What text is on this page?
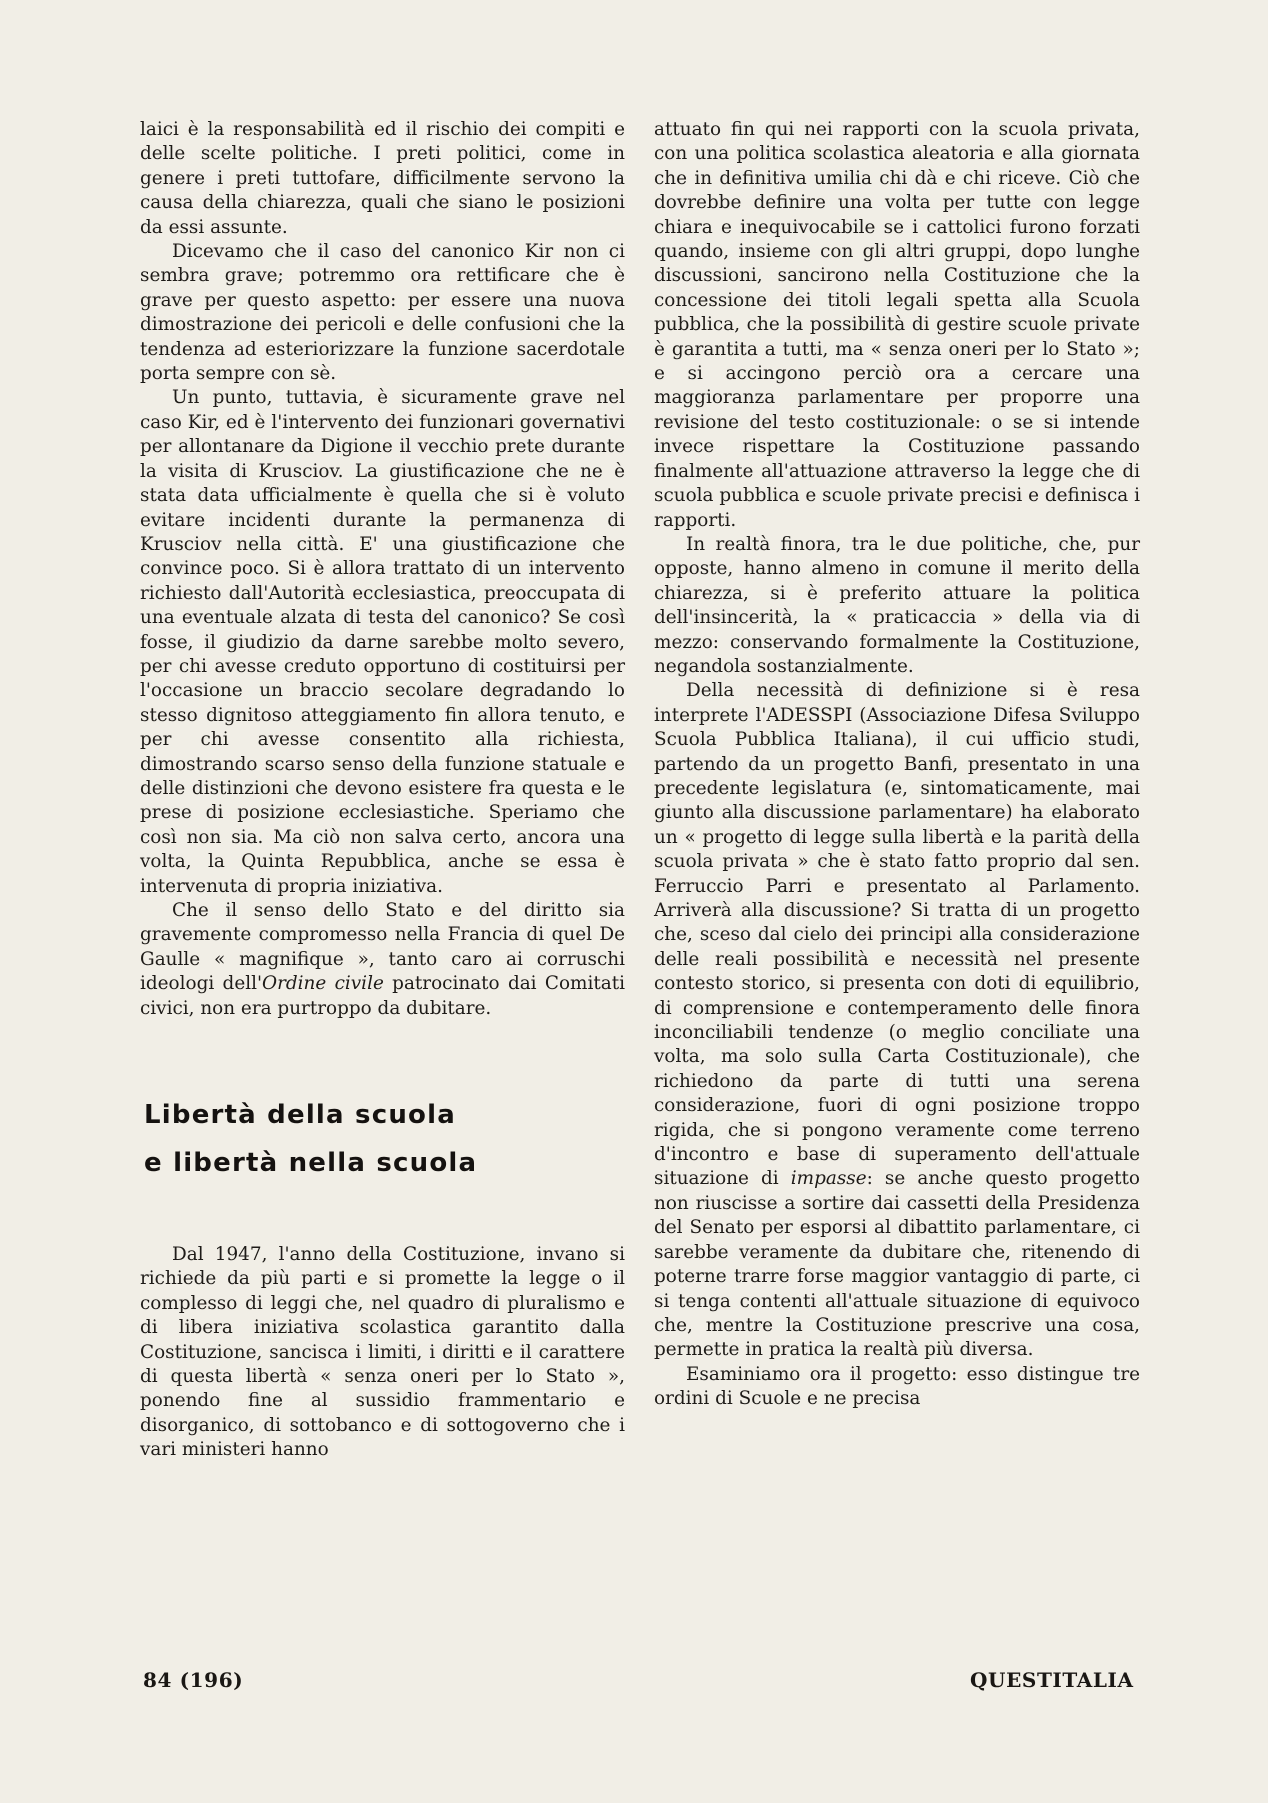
laici è la responsabilità ed il rischio dei compiti e delle scelte politiche. I preti politici, come in genere i preti tuttofare, difficilmente servono la causa della chiarezza, quali che siano le posizioni da essi assunte.

Dicevamo che il caso del canonico Kir non ci sembra grave; potremmo ora rettificare che è grave per questo aspetto: per essere una nuova dimostrazione dei pericoli e delle confusioni che la tendenza ad esteriorizzare la funzione sacerdotale porta sempre con sè.

Un punto, tuttavia, è sicuramente grave nel caso Kir, ed è l'intervento dei funzionari governativi per allontanare da Digione il vecchio prete durante la visita di Krusciov. La giustificazione che ne è stata data ufficialmente è quella che si è voluto evitare incidenti durante la permanenza di Krusciov nella città. E' una giustificazione che convince poco. Si è allora trattato di un intervento richiesto dall'Autorità ecclesiastica, preoccupata di una eventuale alzata di testa del canonico? Se così fosse, il giudizio da darne sarebbe molto severo, per chi avesse creduto opportuno di costituirsi per l'occasione un braccio secolare degradando lo stesso dignitoso atteggiamento fin allora tenuto, e per chi avesse consentito alla richiesta, dimostrando scarso senso della funzione statuale e delle distinzioni che devono esistere fra questa e le prese di posizione ecclesiastiche. Speriamo che così non sia. Ma ciò non salva certo, ancora una volta, la Quinta Repubblica, anche se essa è intervenuta di propria iniziativa.

Che il senso dello Stato e del diritto sia gravemente compromesso nella Francia di quel De Gaulle « magnifique », tanto caro ai corruschi ideologi dell'Ordine civile patrocinato dai Comitati civici, non era purtroppo da dubitare.

Libertà della scuola
e libertà nella scuola

Dal 1947, l'anno della Costituzione, invano si richiede da più parti e si promette la legge o il complesso di leggi che, nel quadro di pluralismo e di libera iniziativa scolastica garantito dalla Costituzione, sancisca i limiti, i diritti e il carattere di questa libertà « senza oneri per lo Stato », ponendo fine al sussidio frammentario e disorganico, di sottobanco e di sottogoverno che i vari ministeri hanno

attuato fin qui nei rapporti con la scuola privata, con una politica scolastica aleatoria e alla giornata che in definitiva umilia chi dà e chi riceve. Ciò che dovrebbe definire una volta per tutte con legge chiara e inequivocabile se i cattolici furono forzati quando, insieme con gli altri gruppi, dopo lunghe discussioni, sancirono nella Costituzione che la concessione dei titoli legali spetta alla Scuola pubblica, che la possibilità di gestire scuole private è garantita a tutti, ma « senza oneri per lo Stato »; e si accingono perciò ora a cercare una maggioranza parlamentare per proporre una revisione del testo costituzionale: o se si intende invece rispettare la Costituzione passando finalmente all'attuazione attraverso la legge che di scuola pubblica e scuole private precisi e definisca i rapporti.

In realtà finora, tra le due politiche, che, pur opposte, hanno almeno in comune il merito della chiarezza, si è preferito attuare la politica dell'insincerità, la « praticaccia » della via di mezzo: conservando formalmente la Costituzione, negandola sostanzialmente.

Della necessità di definizione si è resa interprete l'ADESSPI (Associazione Difesa Sviluppo Scuola Pubblica Italiana), il cui ufficio studi, partendo da un progetto Banfi, presentato in una precedente legislatura (e, sintomaticamente, mai giunto alla discussione parlamentare) ha elaborato un « progetto di legge sulla libertà e la parità della scuola privata » che è stato fatto proprio dal sen. Ferruccio Parri e presentato al Parlamento. Arriverà alla discussione? Si tratta di un progetto che, sceso dal cielo dei principi alla considerazione delle reali possibilità e necessità nel presente contesto storico, si presenta con doti di equilibrio, di comprensione e contemperamento delle finora inconciliabili tendenze (o meglio conciliate una volta, ma solo sulla Carta Costituzionale), che richiedono da parte di tutti una serena considerazione, fuori di ogni posizione troppo rigida, che si pongono veramente come terreno d'incontro e base di superamento dell'attuale situazione di impasse: se anche questo progetto non riuscisse a sortire dai cassetti della Presidenza del Senato per esporsi al dibattito parlamentare, ci sarebbe veramente da dubitare che, ritenendo di poterne trarre forse maggior vantaggio di parte, ci si tenga contenti all'attuale situazione di equivoco che, mentre la Costituzione prescrive una cosa, permette in pratica la realtà più diversa.

Esaminiamo ora il progetto: esso distingue tre ordini di Scuole e ne precisa

84 (196)	QUESTITALIA
